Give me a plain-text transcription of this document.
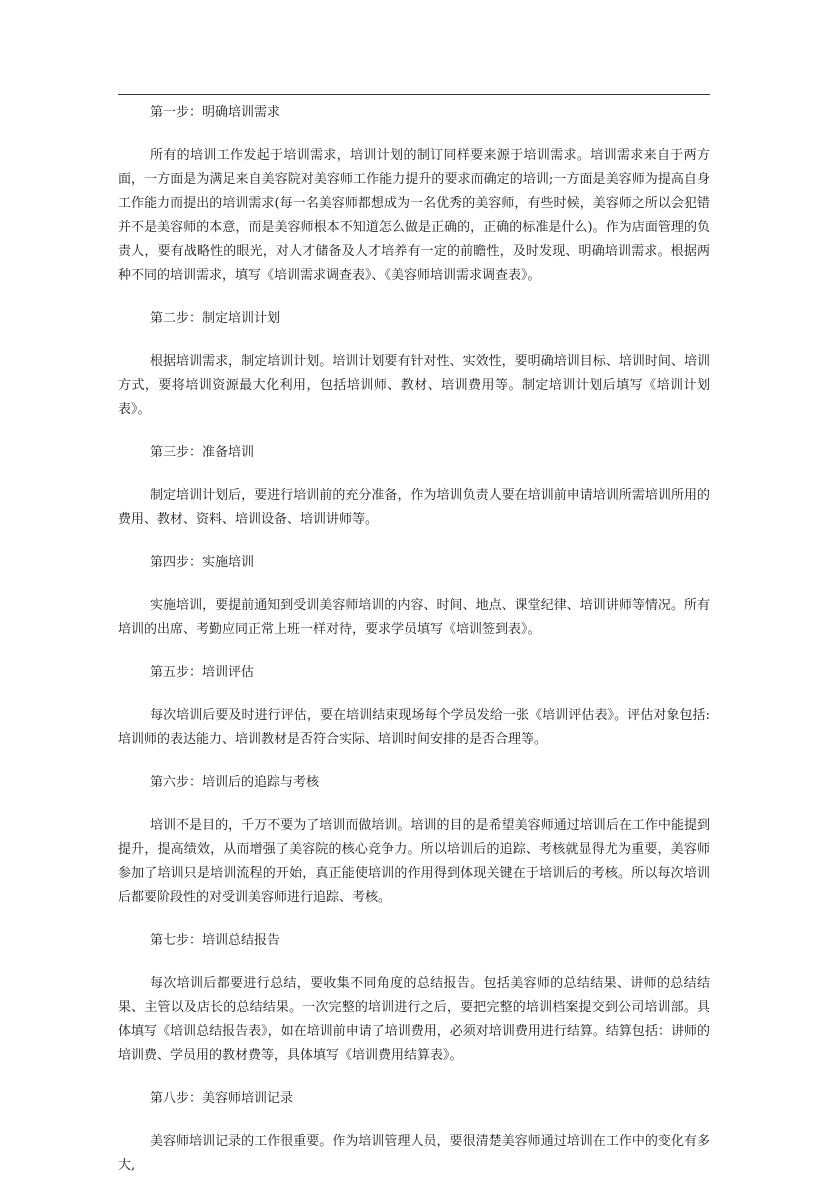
第一步：明确培训需求

所有的培训工作发起于培训需求，培训计划的制订同样要来源于培训需求。培训需求来自于两方面，一方面是为满足来自美容院对美容师工作能力提升的要求而确定的培训;一方面是美容师为提高自身工作能力而提出的培训需求(每一名美容师都想成为一名优秀的美容师，有些时候，美容师之所以会犯错并不是美容师的本意，而是美容师根本不知道怎么做是正确的，正确的标准是什么)。作为店面管理的负责人，要有战略性的眼光，对人才储备及人才培养有一定的前瞻性，及时发现、明确培训需求。根据两种不同的培训需求，填写《培训需求调查表》、《美容师培训需求调查表》。

第二步：制定培训计划

根据培训需求，制定培训计划。培训计划要有针对性、实效性，要明确培训目标、培训时间、培训方式，要将培训资源最大化利用，包括培训师、教材、培训费用等。制定培训计划后填写《培训计划表》。

第三步：准备培训

制定培训计划后，要进行培训前的充分准备，作为培训负责人要在培训前申请培训所需培训所用的费用、教材、资料、培训设备、培训讲师等。

第四步：实施培训

实施培训，要提前通知到受训美容师培训的内容、时间、地点、课堂纪律、培训讲师等情况。所有培训的出席、考勤应同正常上班一样对待，要求学员填写《培训签到表》。

第五步：培训评估

每次培训后要及时进行评估，要在培训结束现场每个学员发给一张《培训评估表》。评估对象包括: 培训师的表达能力、培训教材是否符合实际、培训时间安排的是否合理等。

第六步：培训后的追踪与考核

培训不是目的，千万不要为了培训而做培训。培训的目的是希望美容师通过培训后在工作中能提到提升，提高绩效，从而增强了美容院的核心竞争力。所以培训后的追踪、考核就显得尤为重要，美容师参加了培训只是培训流程的开始，真正能使培训的作用得到体现关键在于培训后的考核。所以每次培训后都要阶段性的对受训美容师进行追踪、考核。

第七步：培训总结报告

每次培训后都要进行总结，要收集不同角度的总结报告。包括美容师的总结结果、讲师的总结结果、主管以及店长的总结结果。一次完整的培训进行之后，要把完整的培训档案提交到公司培训部。具体填写《培训总结报告表》，如在培训前申请了培训费用，必须对培训费用进行结算。结算包括：讲师的培训费、学员用的教材费等，具体填写《培训费用结算表》。

第八步：美容师培训记录

美容师培训记录的工作很重要。作为培训管理人员，要很清楚美容师通过培训在工作中的变化有多大,
